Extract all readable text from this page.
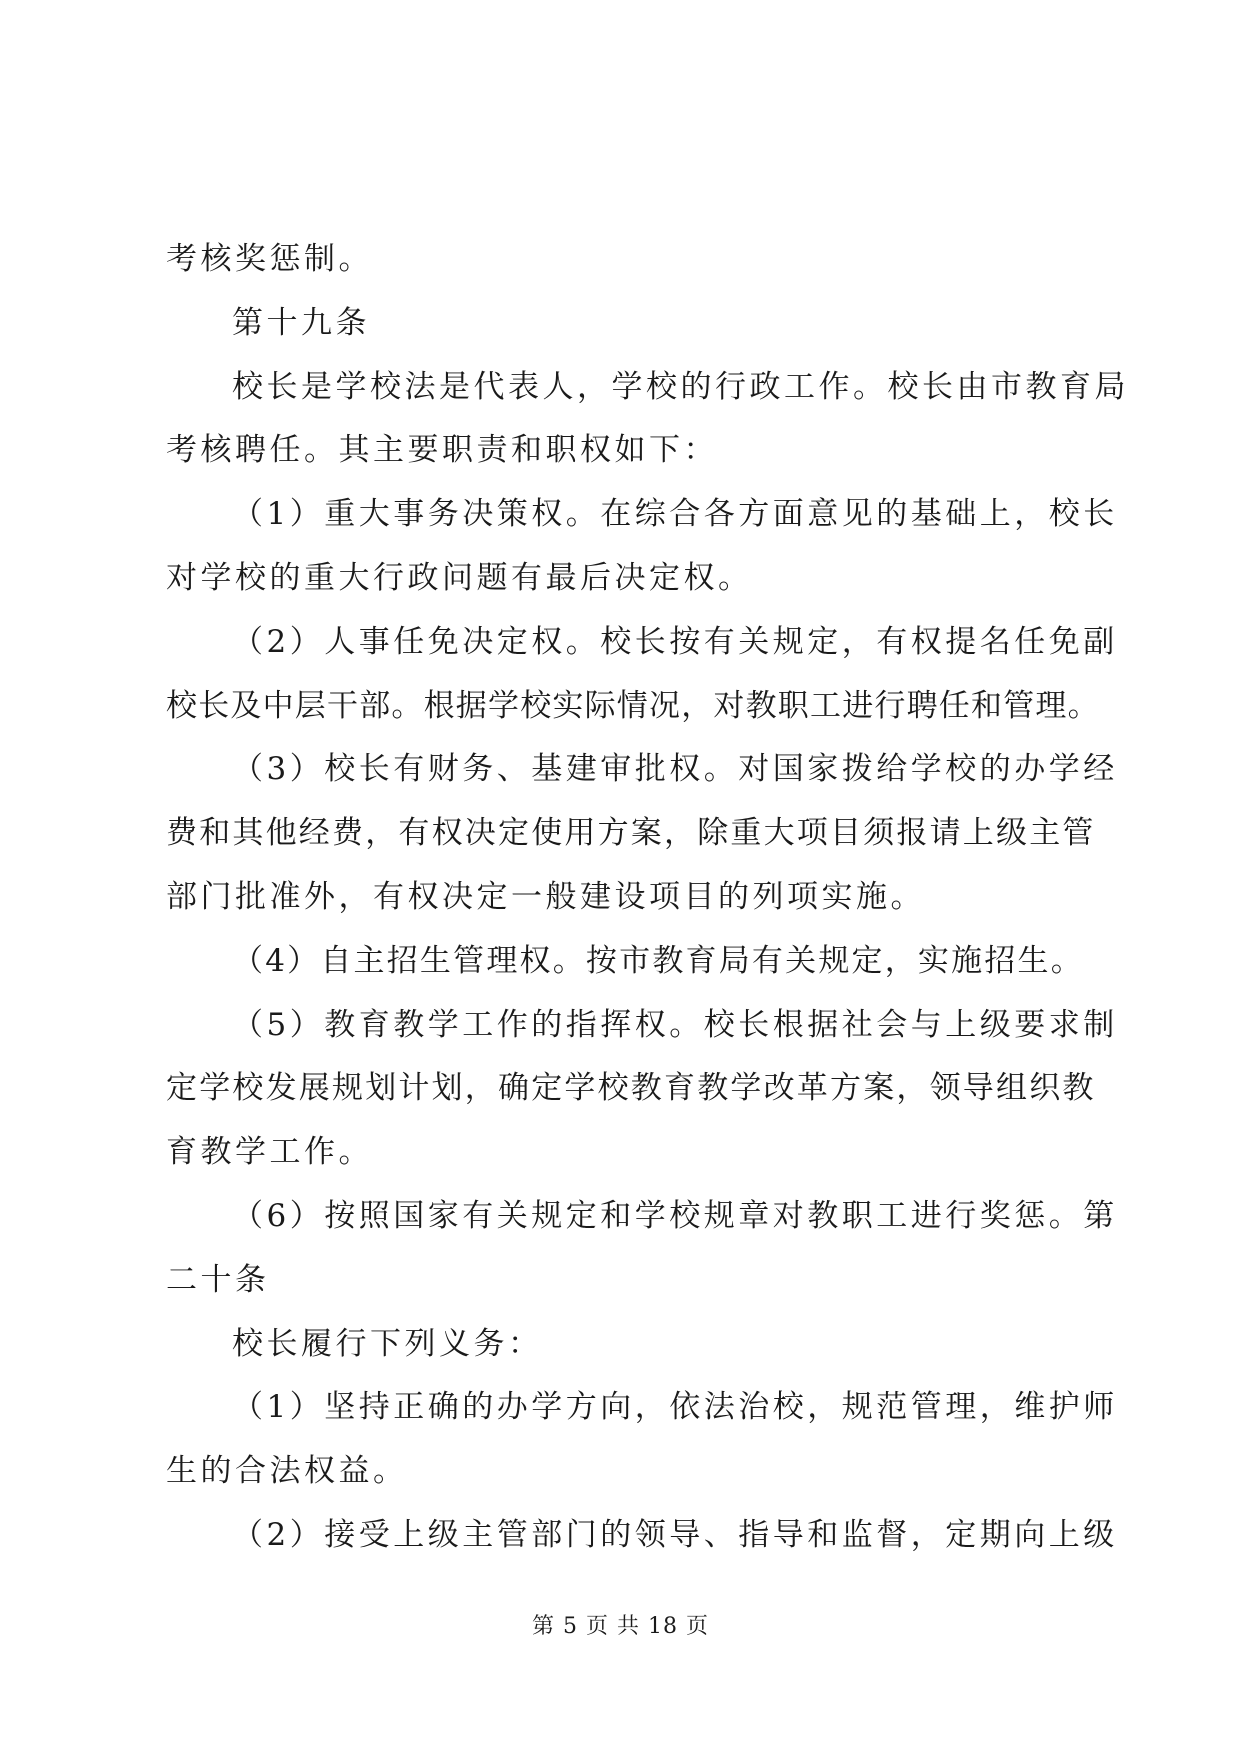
考核奖惩制。
第十九条
校长是学校法是代表人，学校的行政工作。校长由市教育局
考核聘任。其主要职责和职权如下：
（1）重大事务决策权。在综合各方面意见的基础上，校长
对学校的重大行政问题有最后决定权。
（2）人事任免决定权。校长按有关规定，有权提名任免副
校长及中层干部。根据学校实际情况，对教职工进行聘任和管理。
（3）校长有财务、基建审批权。对国家拨给学校的办学经
费和其他经费，有权决定使用方案，除重大项目须报请上级主管
部门批准外，有权决定一般建设项目的列项实施。
（4）自主招生管理权。按市教育局有关规定，实施招生。
（5）教育教学工作的指挥权。校长根据社会与上级要求制
定学校发展规划计划，确定学校教育教学改革方案，领导组织教
育教学工作。
（6）按照国家有关规定和学校规章对教职工进行奖惩。第
二十条
校长履行下列义务：
（1）坚持正确的办学方向，依法治校，规范管理，维护师
生的合法权益。
（2）接受上级主管部门的领导、指导和监督，定期向上级
第 5 页 共 18 页
